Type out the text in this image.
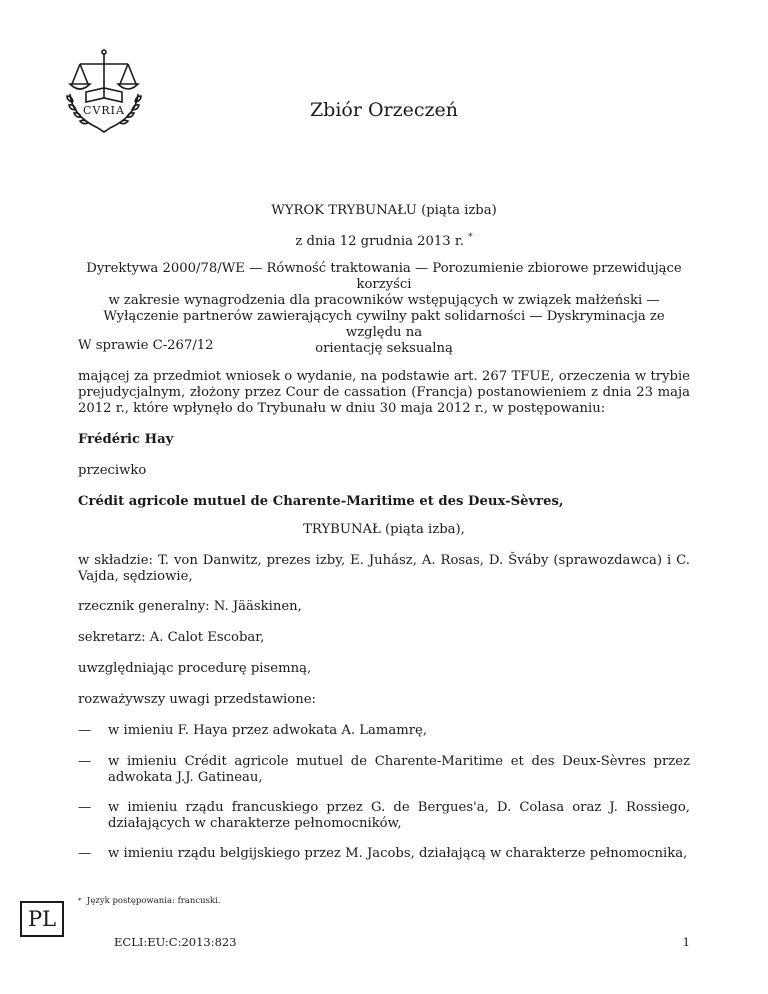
CVRIA	Zbiór Orzeczeń
WYROK TRYBUNAŁU (piąta izba)
z dnia 12 grudnia 2013 r. *
Dyrektywa 2000/78/WE — Równość traktowania — Porozumienie zbiorowe przewidujące korzyści
w zakresie wynagrodzenia dla pracowników wstępujących w związek małżeński —
Wyłączenie partnerów zawierających cywilny pakt solidarności — Dyskryminacja ze względu na
orientację seksualną
W sprawie C-267/12
mającej za przedmiot wniosek o wydanie, na podstawie art. 267 TFUE, orzeczenia w trybie prejudycjalnym, złożony przez Cour de cassation (Francja) postanowieniem z dnia 23 maja 2012 r., które wpłynęło do Trybunału w dniu 30 maja 2012 r., w postępowaniu:
Frédéric Hay
przeciwko
Crédit agricole mutuel de Charente-Maritime et des Deux-Sèvres,
TRYBUNAŁ (piąta izba),
w składzie: T. von Danwitz, prezes izby, E. Juhász, A. Rosas, D. Šváby (sprawozdawca) i C. Vajda, sędziowie,
rzecznik generalny: N. Jääskinen,
sekretarz: A. Calot Escobar,
uwzględniając procedurę pisemną,
rozważywszy uwagi przedstawione:
— w imieniu F. Haya przez adwokata A. Lamamrę,
— w imieniu Crédit agricole mutuel de Charente-Maritime et des Deux-Sèvres przez adwokata J.J. Gatineau,
— w imieniu rządu francuskiego przez G. de Bergues'a, D. Colasa oraz J. Rossiego, działających w charakterze pełnomocników,
— w imieniu rządu belgijskiego przez M. Jacobs, działającą w charakterze pełnomocnika,
* Język postępowania: francuski.
PL
ECLI:EU:C:2013:823	1
